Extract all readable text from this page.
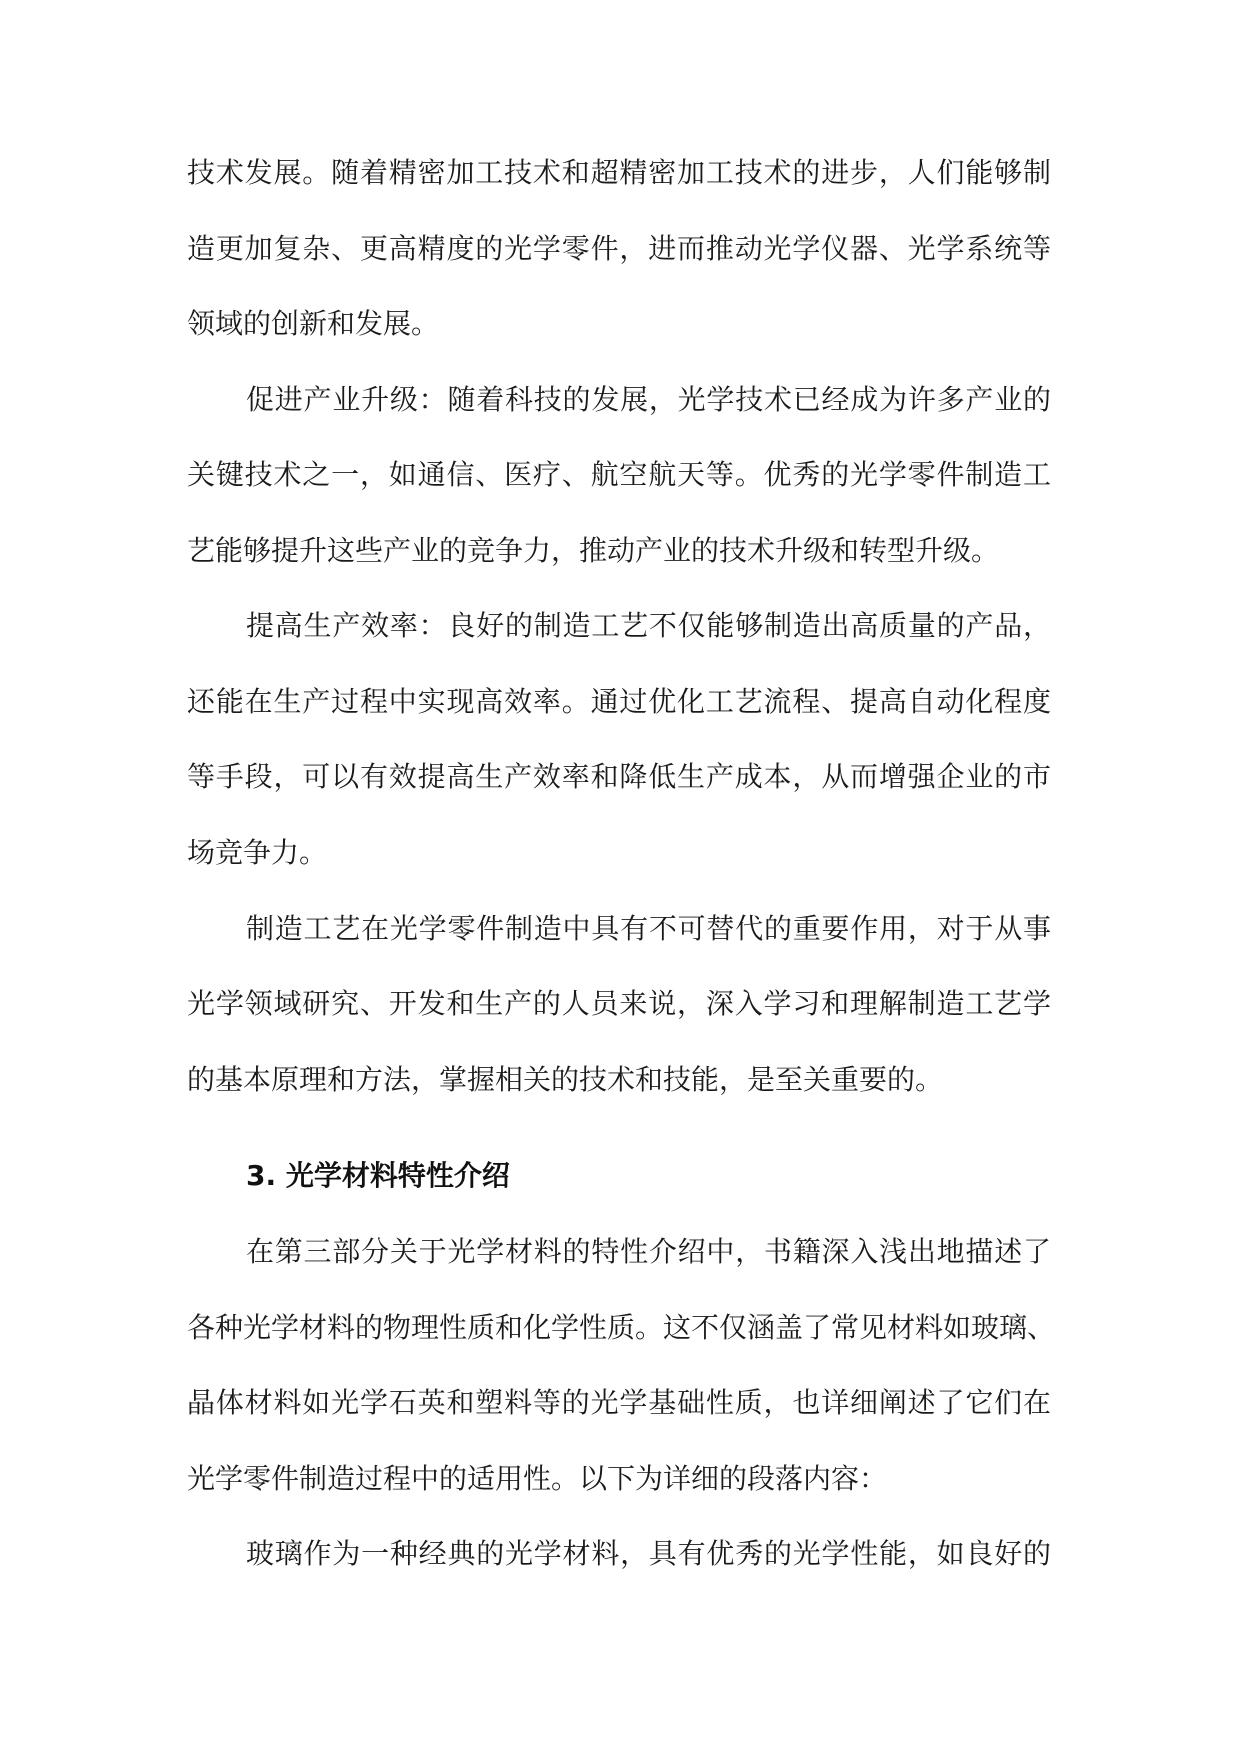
技术发展。随着精密加工技术和超精密加工技术的进步，人们能够制

造更加复杂、更高精度的光学零件，进而推动光学仪器、光学系统等

领域的创新和发展。

促进产业升级：随着科技的发展，光学技术已经成为许多产业的

关键技术之一，如通信、医疗、航空航天等。优秀的光学零件制造工

艺能够提升这些产业的竞争力，推动产业的技术升级和转型升级。

提高生产效率：良好的制造工艺不仅能够制造出高质量的产品，

还能在生产过程中实现高效率。通过优化工艺流程、提高自动化程度

等手段，可以有效提高生产效率和降低生产成本，从而增强企业的市

场竞争力。

制造工艺在光学零件制造中具有不可替代的重要作用，对于从事

光学领域研究、开发和生产的人员来说，深入学习和理解制造工艺学

的基本原理和方法，掌握相关的技术和技能，是至关重要的。

3. 光学材料特性介绍

在第三部分关于光学材料的特性介绍中，书籍深入浅出地描述了

各种光学材料的物理性质和化学性质。这不仅涵盖了常见材料如玻璃、

晶体材料如光学石英和塑料等的光学基础性质，也详细阐述了它们在

光学零件制造过程中的适用性。以下为详细的段落内容：

玻璃作为一种经典的光学材料，具有优秀的光学性能，如良好的
